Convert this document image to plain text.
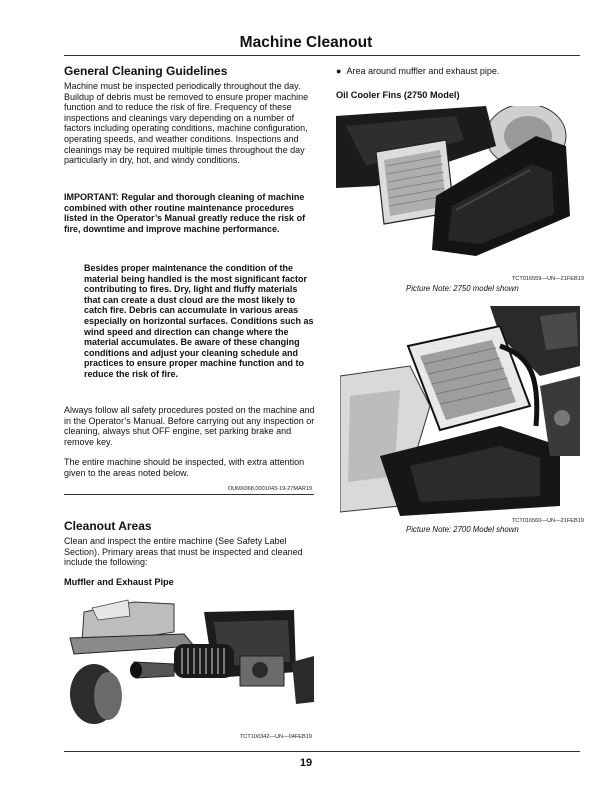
Machine Cleanout
General Cleaning Guidelines
Machine must be inspected periodically throughout the day. Buildup of debris must be removed to ensure proper machine function and to reduce the risk of fire. Frequency of these inspections and cleanings vary depending on a number of factors including operating conditions, machine configuration, operating speeds, and weather conditions. Inspections and cleanings may be required multiple times throughout the day particularly in dry, hot, and windy conditions.
IMPORTANT: Regular and thorough cleaning of machine combined with other routine maintenance procedures listed in the Operator’s Manual greatly reduce the risk of fire, downtime and improve machine performance.
Besides proper maintenance the condition of the material being handled is the most significant factor contributing to fires. Dry, light and fluffy materials that can create a dust cloud are the most likely to catch fire. Debris can accumulate in various areas especially on horizontal surfaces. Conditions such as wind speed and direction can change where the material accumulates. Be aware of these changing conditions and adjust your cleaning schedule and practices to ensure proper machine function and to reduce the risk of fire.
Always follow all safety procedures posted on the machine and in the Operator’s Manual. Before carrying out any inspection or cleaning, always shut OFF engine, set parking brake and remove key.
The entire machine should be inspected, with extra attention given to the areas noted below.
OUMX068,0001043-19-27MAR19
Cleanout Areas
Clean and inspect the entire machine (See Safety Label Section). Primary areas that must be inspected and cleaned include the following:
Muffler and Exhaust Pipe
TCT100342—UN—04FEB19
●  Area around muffler and exhaust pipe.
Oil Cooler Fins (2750 Model)
TCT016559—UN—21FEB19
Picture Note: 2750 model shown
TCT016560—UN—21FEB19
Picture Note: 2700 Model shown
19
